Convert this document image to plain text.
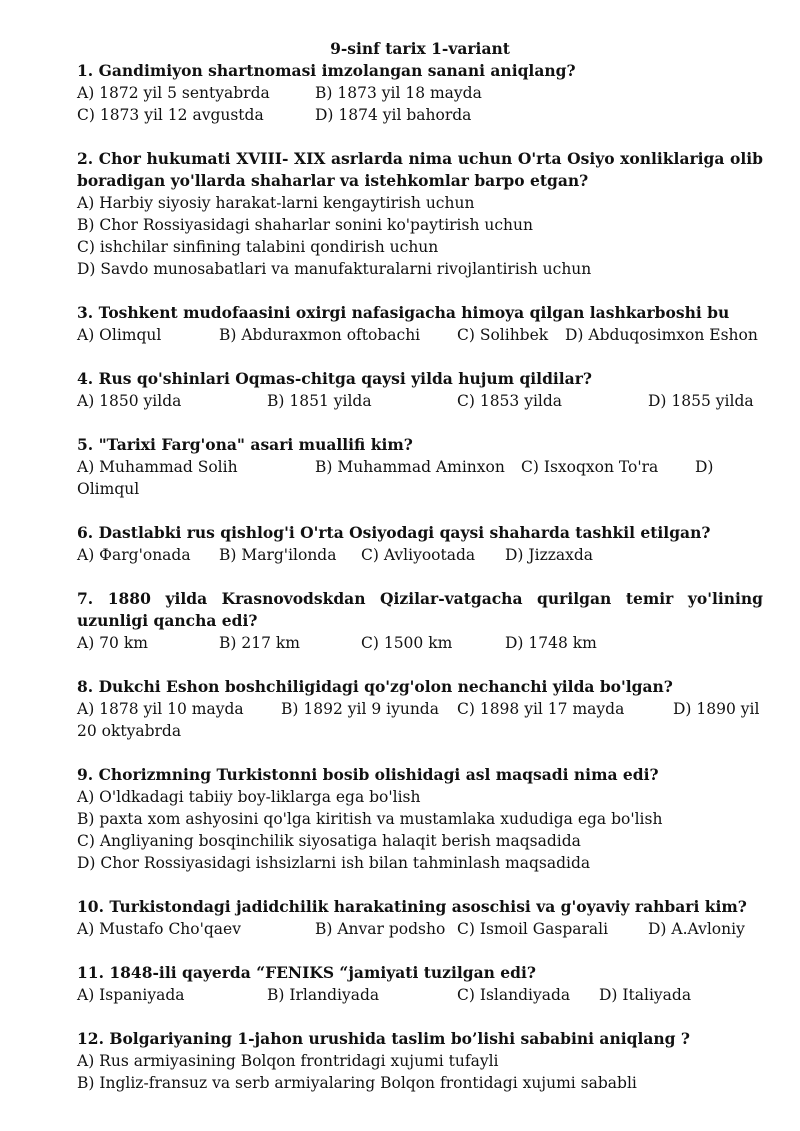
9-sinf tarix 1-variant
1. Gandimiyon shartnomasi imzolangan sanani aniqlang?
A) 1872 yil 5 sentyabrda	B) 1873 yil 18 mayda
C) 1873 yil 12 avgustda	D) 1874 yil bahorda
2. Chor hukumati XVIII- XIX asrlarda nima uchun O'rta Osiyo xonliklariga olib boradigan yo'llarda shaharlar va istehkomlar barpo etgan?
A) Harbiy siyosiy harakat-larni kengaytirish uchun
B) Chor Rossiyasidagi shaharlar sonini ko'paytirish uchun
C) ishchilar sinfining talabini qondirish uchun
D) Savdo munosabatlari va manufakturalarni rivojlantirish uchun
3. Toshkent mudofaasini oxirgi nafasigacha himoya qilgan lashkarboshi bu
A) Olimqul	B) Abduraxmon oftobachi C) Solihbek D) Abduqosimxon Eshon
4. Rus qo'shinlari Oqmas-chitga qaysi yilda hujum qildilar?
A) 1850 yilda	B) 1851 yilda	C) 1853 yilda	D) 1855 yilda
5. "Tarixi Farg'ona" asari muallifi kim?
A) Muhammad Solih	B) Muhammad Aminxon C) Isxoqxon To'ra D)
Olimqul
6. Dastlabki rus qishlog'i O'rta Osiyodagi qaysi shaharda tashkil etilgan?
A) Фarg'onada B) Marg'ilonda C) Avliyootada D) Jizzaxda
7. 1880 yilda Krasnovodskdan Qizilar-vatgacha qurilgan temir yo'lining uzunligi qancha edi?
A) 70 km	B) 217 km	C) 1500 km	D) 1748 km
8. Dukchi Eshon boshchiligidagi qo'zg'olon nechanchi yilda bo'lgan?
A) 1878 yil 10 mayda B) 1892 yil 9 iyunda C) 1898 yil 17 mayda	D) 1890 yil
20 oktyabrda
9. Chorizmning Turkistonni bosib olishidagi asl maqsadi nima edi?
A) O'ldkadagi tabiiy boy-liklarga ega bo'lish
B) paxta xom ashyosini qo'lga kiritish va mustamlaka xududiga ega bo'lish
C) Angliyaning bosqinchilik siyosatiga halaqit berish maqsadida
D) Chor Rossiyasidagi ishsizlarni ish bilan tahminlash maqsadida
10. Turkistondagi jadidchilik harakatining asoschisi va g'oyaviy rahbari kim?
A) Mustafo Cho'qaev	B) Anvar podsho C) Ismoil Gasparali	D) A.Avloniy
11. 1848-ili qayerda “FENIKS “jamiyati tuzilgan edi?
A) Ispaniyada	B) Irlandiyada	C) Islandiyada D) Italiyada
12. Bolgariyaning 1-jahon urushida taslim bo’lishi sababini aniqlang ?
A) Rus armiyasining Bolqon frontridagi xujumi tufayli
B) Ingliz-fransuz va serb armiyalaring Bolqon frontidagi xujumi sababli
